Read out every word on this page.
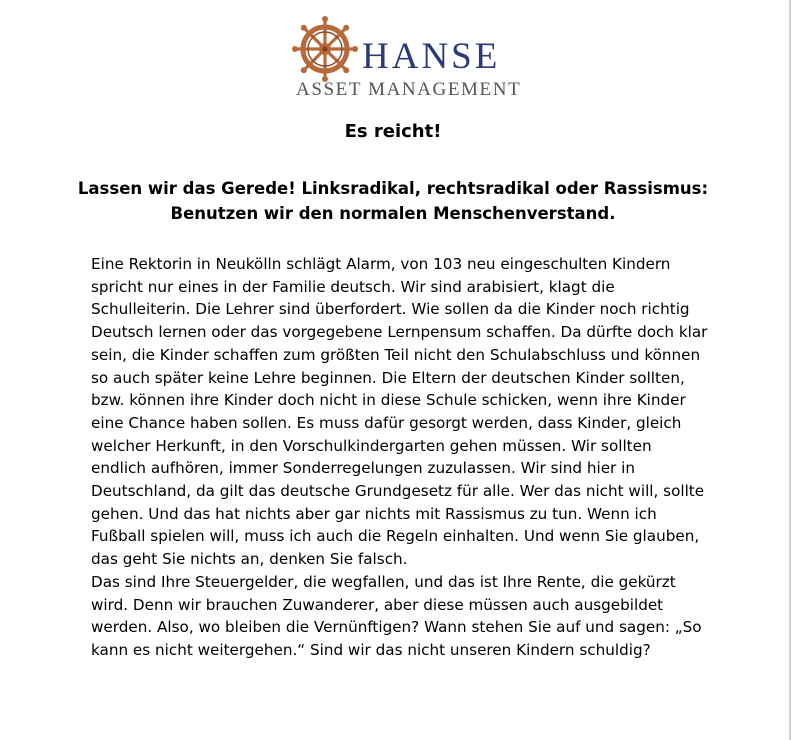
HANSE
ASSET MANAGEMENT
Es reicht!
Lassen wir das Gerede! Linksradikal, rechtsradikal oder Rassismus:
Benutzen wir den normalen Menschenverstand.

Eine Rektorin in Neukölln schlägt Alarm, von 103 neu eingeschulten Kindern spricht nur eines in der Familie deutsch. Wir sind arabisiert, klagt die Schulleiterin. Die Lehrer sind überfordert. Wie sollen da die Kinder noch richtig Deutsch lernen oder das vorgegebene Lernpensum schaffen. Da dürfte doch klar sein, die Kinder schaffen zum größten Teil nicht den Schulabschluss und können so auch später keine Lehre beginnen. Die Eltern der deutschen Kinder sollten, bzw. können ihre Kinder doch nicht in diese Schule schicken, wenn ihre Kinder eine Chance haben sollen. Es muss dafür gesorgt werden, dass Kinder, gleich welcher Herkunft, in den Vorschulkindergarten gehen müssen. Wir sollten endlich aufhören, immer Sonderregelungen zuzulassen. Wir sind hier in Deutschland, da gilt das deutsche Grundgesetz für alle. Wer das nicht will, sollte gehen. Und das hat nichts aber gar nichts mit Rassismus zu tun. Wenn ich Fußball spielen will, muss ich auch die Regeln einhalten. Und wenn Sie glauben, das geht Sie nichts an, denken Sie falsch.

Das sind Ihre Steuergelder, die wegfallen, und das ist Ihre Rente, die gekürzt wird. Denn wir brauchen Zuwanderer, aber diese müssen auch ausgebildet werden. Also, wo bleiben die Vernünftigen? Wann stehen Sie auf und sagen: „So kann es nicht weitergehen.“ Sind wir das nicht unseren Kindern schuldig?
